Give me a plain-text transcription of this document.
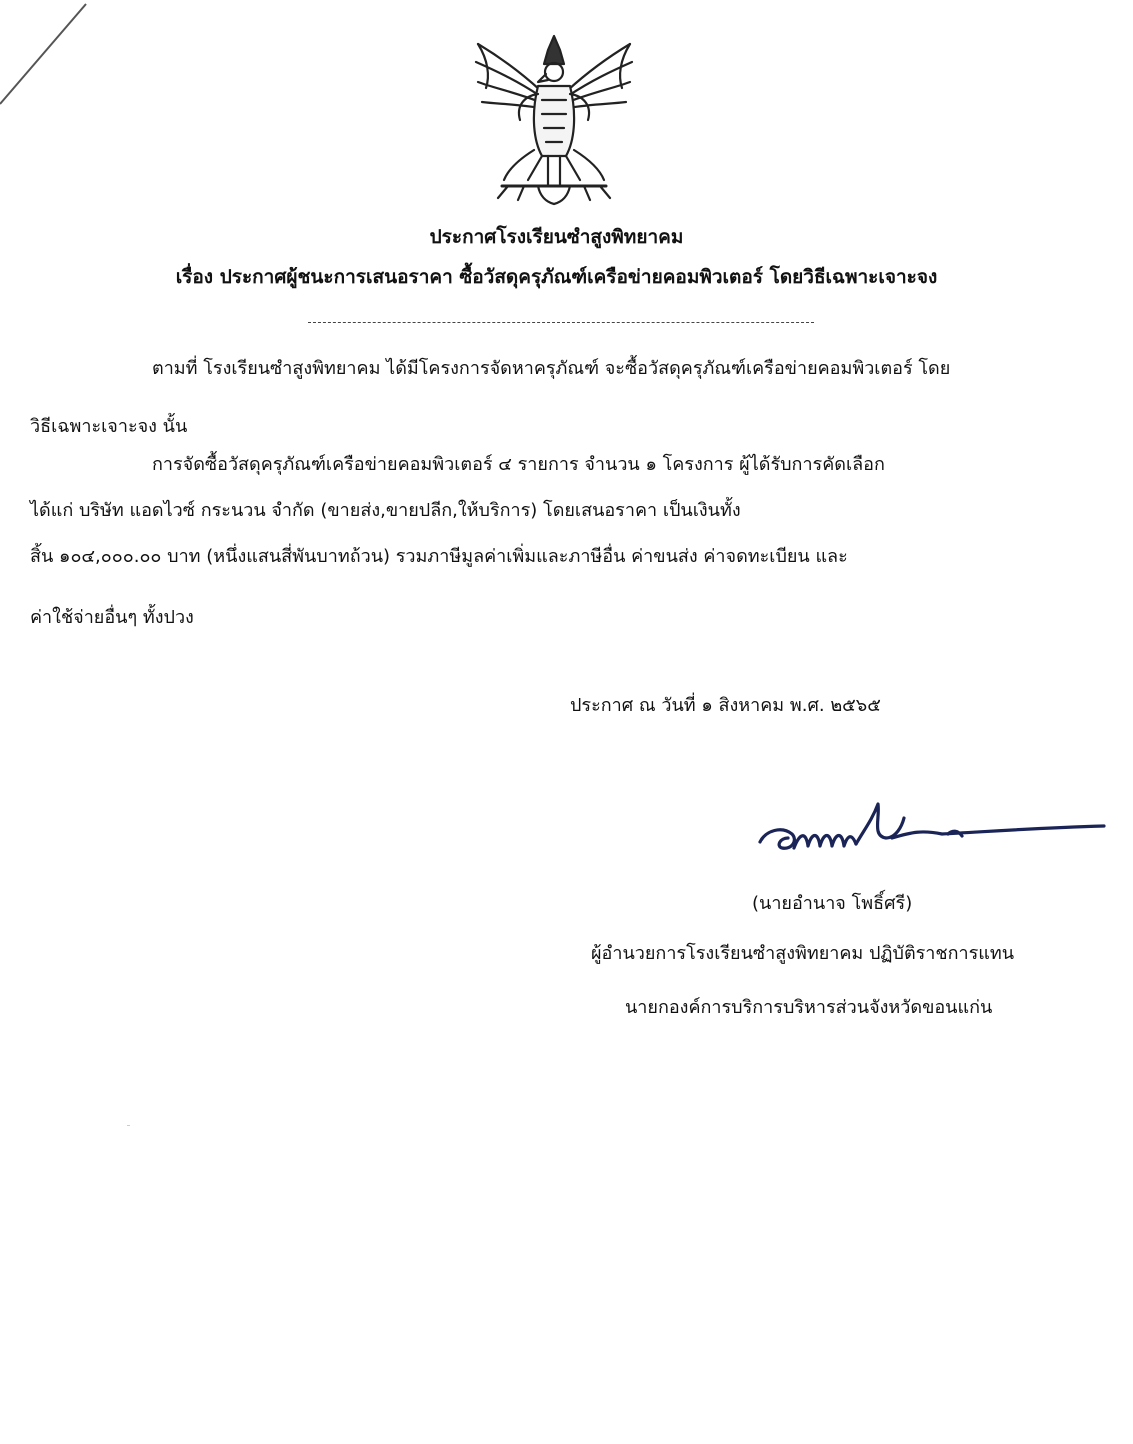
ประกาศโรงเรียนซำสูงพิทยาคม
เรื่อง ประกาศผู้ชนะการเสนอราคา ซื้อวัสดุครุภัณฑ์เครือข่ายคอมพิวเตอร์ โดยวิธีเฉพาะเจาะจง
ตามที่ โรงเรียนซำสูงพิทยาคม ได้มีโครงการจัดหาครุภัณฑ์ จะซื้อวัสดุครุภัณฑ์เครือข่ายคอมพิวเตอร์ โดย
วิธีเฉพาะเจาะจง นั้น
การจัดซื้อวัสดุครุภัณฑ์เครือข่ายคอมพิวเตอร์ ๔ รายการ จำนวน ๑ โครงการ ผู้ได้รับการคัดเลือก
ได้แก่ บริษัท แอดไวซ์ กระนวน จำกัด (ขายส่ง,ขายปลีก,ให้บริการ) โดยเสนอราคา เป็นเงินทั้ง
สิ้น ๑๐๔,๐๐๐.๐๐ บาท (หนึ่งแสนสี่พันบาทถ้วน) รวมภาษีมูลค่าเพิ่มและภาษีอื่น ค่าขนส่ง ค่าจดทะเบียน และ
ค่าใช้จ่ายอื่นๆ ทั้งปวง
ประกาศ ณ วันที่ ๑ สิงหาคม พ.ศ. ๒๕๖๕
(นายอำนาจ โพธิ์ศรี)
ผู้อำนวยการโรงเรียนซำสูงพิทยาคม ปฏิบัติราชการแทน
นายกองค์การบริการบริหารส่วนจังหวัดขอนแก่น
